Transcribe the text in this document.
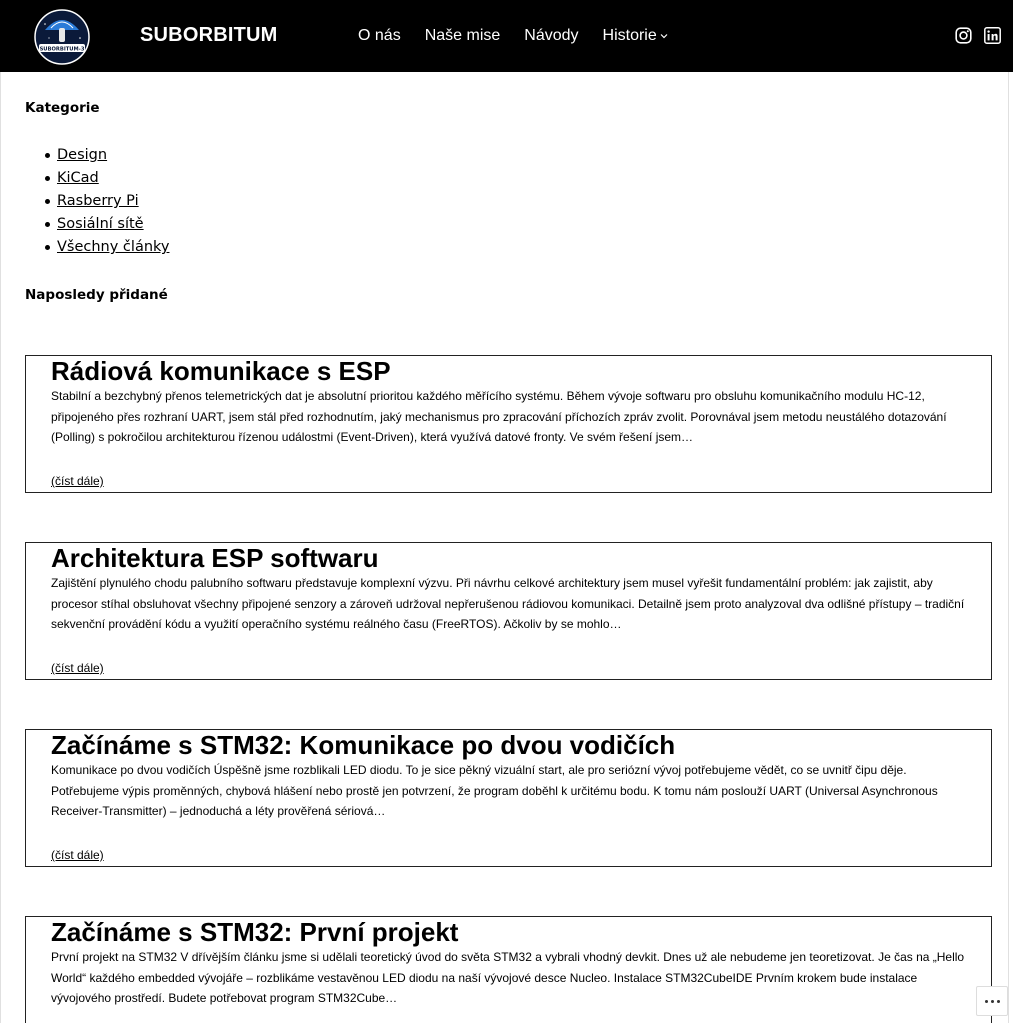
SUBORBITUM-3
SUBORBITUM	O nás Naše mise Návody Historie
Kategorie
Design
KiCad
Rasberry Pi
Sosiální sítě
Všechny články
Naposledy přidané
Rádiová komunikace s ESP
Stabilní a bezchybný přenos telemetrických dat je absolutní prioritou každého měřícího systému. Během vývoje softwaru pro obsluhu komunikačního modulu HC-12, připojeného přes rozhraní UART, jsem stál před rozhodnutím, jaký mechanismus pro zpracování příchozích zpráv zvolit. Porovnával jsem metodu neustálého dotazování (Polling) s pokročilou architekturou řízenou událostmi (Event-Driven), která využívá datové fronty. Ve svém řešení jsem…
(číst dále)
Architektura ESP softwaru
Zajištění plynulého chodu palubního softwaru představuje komplexní výzvu. Při návrhu celkové architektury jsem musel vyřešit fundamentální problém: jak zajistit, aby procesor stíhal obsluhovat všechny připojené senzory a zároveň udržoval nepřerušenou rádiovou komunikaci. Detailně jsem proto analyzoval dva odlišné přístupy – tradiční sekvenční provádění kódu a využití operačního systému reálného času (FreeRTOS). Ačkoliv by se mohlo…
(číst dále)
Začínáme s STM32: Komunikace po dvou vodičích
Komunikace po dvou vodičích Úspěšně jsme rozblikali LED diodu. To je sice pěkný vizuální start, ale pro seriózní vývoj potřebujeme vědět, co se uvnitř čipu děje. Potřebujeme výpis proměnných, chybová hlášení nebo prostě jen potvrzení, že program doběhl k určitému bodu. K tomu nám poslouží UART (Universal Asynchronous Receiver-Transmitter) – jednoduchá a léty prověřená sériová…
(číst dále)
Začínáme s STM32: První projekt
První projekt na STM32 V dřívějším článku jsme si udělali teoretický úvod do světa STM32 a vybrali vhodný devkit. Dnes už ale nebudeme jen teoretizovat. Je čas na „Hello World“ každého embedded vývojáře – rozblikáme vestavěnou LED diodu na naší vývojové desce Nucleo. Instalace STM32CubeIDE Prvním krokem bude instalace vývojového prostředí. Budete potřebovat program STM32Cube…
